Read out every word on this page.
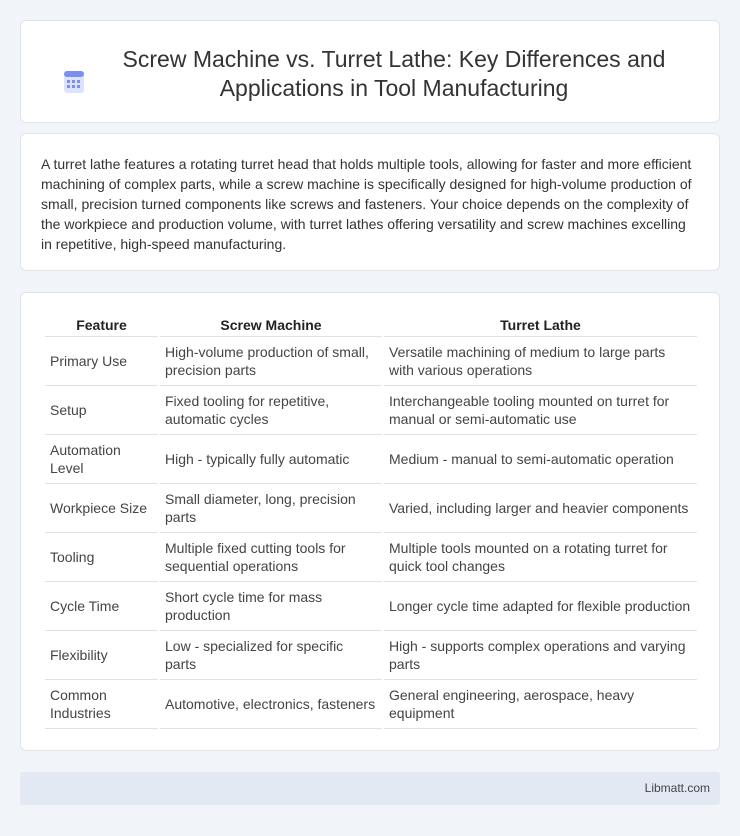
Screw Machine vs. Turret Lathe: Key Differences and Applications in Tool Manufacturing

A turret lathe features a rotating turret head that holds multiple tools, allowing for faster and more efficient machining of complex parts, while a screw machine is specifically designed for high-volume production of small, precision turned components like screws and fasteners. Your choice depends on the complexity of the workpiece and production volume, with turret lathes offering versatility and screw machines excelling in repetitive, high-speed manufacturing.

Feature	Screw Machine	Turret Lathe
Primary Use	High-volume production of small, precision parts	Versatile machining of medium to large parts with various operations
Setup	Fixed tooling for repetitive, automatic cycles	Interchangeable tooling mounted on turret for manual or semi-automatic use
Automation Level	High - typically fully automatic	Medium - manual to semi-automatic operation
Workpiece Size	Small diameter, long, precision parts	Varied, including larger and heavier components
Tooling	Multiple fixed cutting tools for sequential operations	Multiple tools mounted on a rotating turret for quick tool changes
Cycle Time	Short cycle time for mass production	Longer cycle time adapted for flexible production
Flexibility	Low - specialized for specific parts	High - supports complex operations and varying parts
Common Industries	Automotive, electronics, fasteners	General engineering, aerospace, heavy equipment
Libmatt.com
